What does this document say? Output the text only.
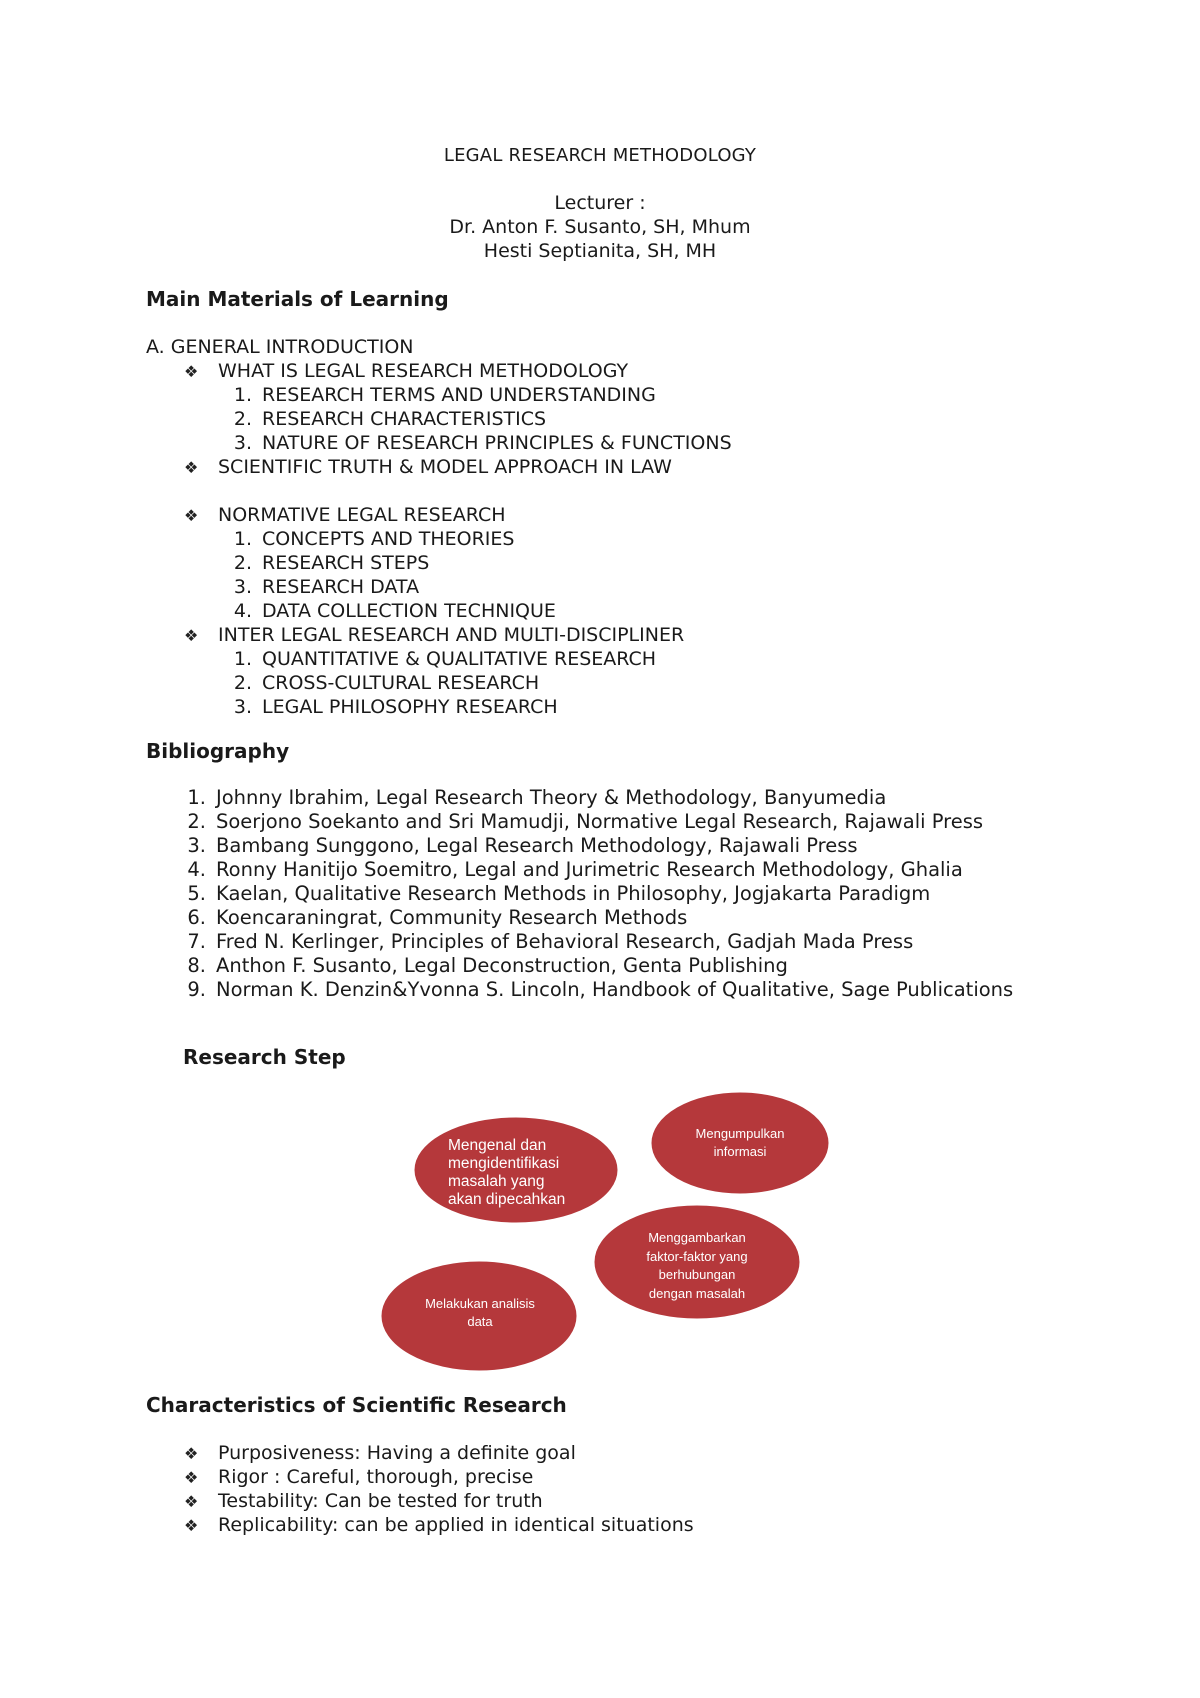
LEGAL RESEARCH METHODOLOGY
Lecturer :
Dr. Anton F. Susanto, SH, Mhum
Hesti Septianita, SH, MH
Main Materials of Learning
A. GENERAL INTRODUCTION
❖ WHAT IS LEGAL RESEARCH METHODOLOGY
1. RESEARCH TERMS AND UNDERSTANDING
2. RESEARCH CHARACTERISTICS
3. NATURE OF RESEARCH PRINCIPLES & FUNCTIONS
❖ SCIENTIFIC TRUTH & MODEL APPROACH IN LAW
❖ NORMATIVE LEGAL RESEARCH
1. CONCEPTS AND THEORIES
2. RESEARCH STEPS
3. RESEARCH DATA
4. DATA COLLECTION TECHNIQUE
❖ INTER LEGAL RESEARCH AND MULTI-DISCIPLINER
1. QUANTITATIVE & QUALITATIVE RESEARCH
2. CROSS-CULTURAL RESEARCH
3. LEGAL PHILOSOPHY RESEARCH
Bibliography
1. Johnny Ibrahim, Legal Research Theory & Methodology, Banyumedia
2. Soerjono Soekanto and Sri Mamudji, Normative Legal Research, Rajawali Press
3. Bambang Sunggono, Legal Research Methodology, Rajawali Press
4. Ronny Hanitijo Soemitro, Legal and Jurimetric Research Methodology, Ghalia
5. Kaelan, Qualitative Research Methods in Philosophy, Jogjakarta Paradigm
6. Koencaraningrat, Community Research Methods
7. Fred N. Kerlinger, Principles of Behavioral Research, Gadjah Mada Press
8. Anthon F. Susanto, Legal Deconstruction, Genta Publishing
9. Norman K. Denzin&Yvonna S. Lincoln, Handbook of Qualitative, Sage Publications
Research Step
Mengenal dan
mengidentifikasi
masalah yang
akan dipecahkan
Mengumpulkan
informasi
Menggambarkan
faktor-faktor yang
berhubungan
dengan masalah
Melakukan analisis
data
Characteristics of Scientific Research
❖ Purposiveness: Having a definite goal
❖ Rigor : Careful, thorough, precise
❖ Testability: Can be tested for truth
❖ Replicability: can be applied in identical situations
